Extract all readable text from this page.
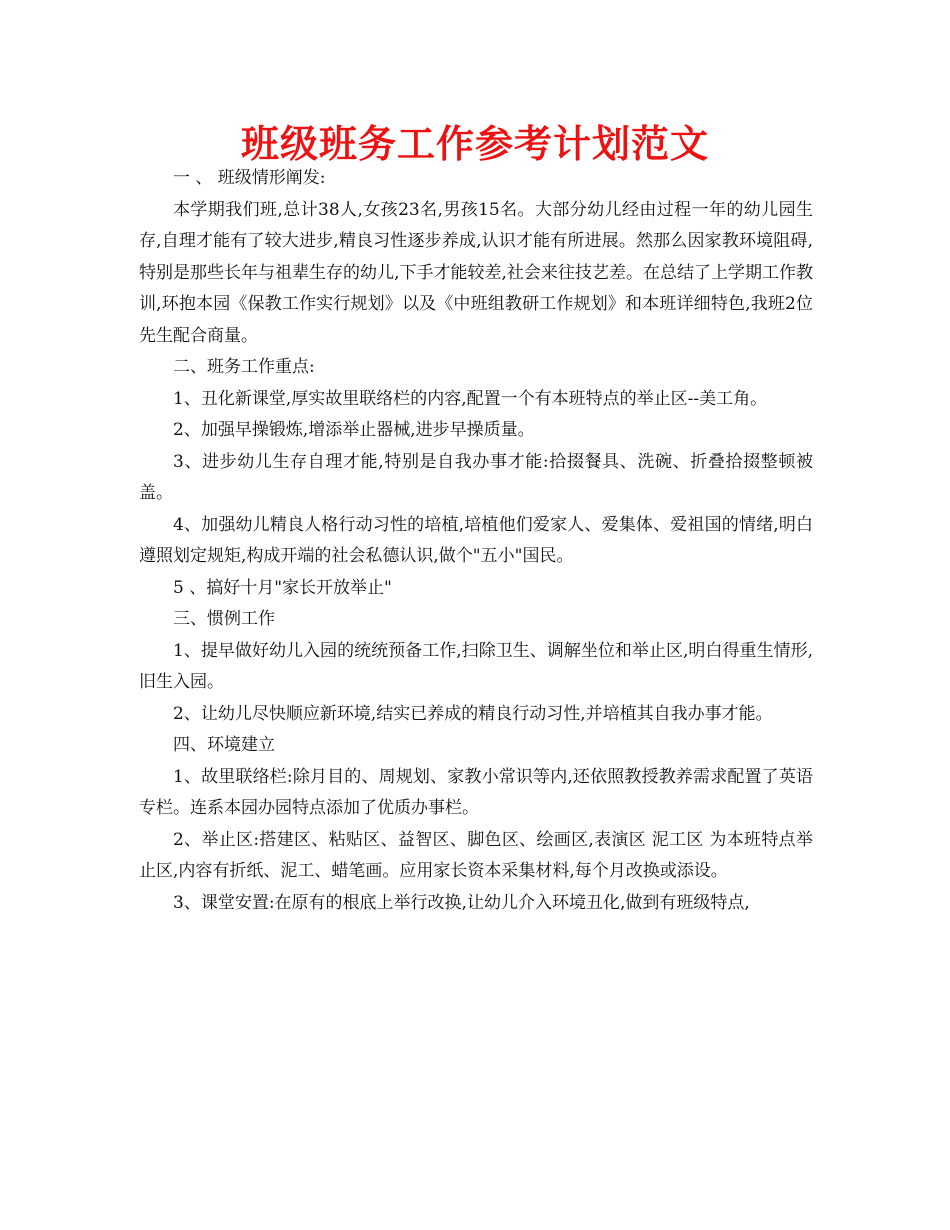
班级班务工作参考计划范文

一 、 班级情形阐发:

本学期我们班,总计38人,女孩23名,男孩15名。大部分幼儿经由过程一年的幼儿园生存,自理才能有了较大进步,精良习性逐步养成,认识才能有所进展。然那么因家教环境阻碍,特别是那些长年与祖辈生存的幼儿,下手才能较差,社会来往技艺差。在总结了上学期工作教训,环抱本园《保教工作实行规划》以及《中班组教研工作规划》和本班详细特色,我班2位先生配合商量。

二、班务工作重点:

1、丑化新课堂,厚实故里联络栏的内容,配置一个有本班特点的举止区--美工角。

2、加强早操锻炼,增添举止器械,进步早操质量。

3、进步幼儿生存自理才能,特别是自我办事才能:拾掇餐具、洗碗、折叠拾掇整顿被盖。

4、加强幼儿精良人格行动习性的培植,培植他们爱家人、爱集体、爱祖国的情绪,明白遵照划定规矩,构成开端的社会私德认识,做个"五小"国民。

5 、搞好十月"家长开放举止"

三、惯例工作

1、提早做好幼儿入园的统统预备工作,扫除卫生、调解坐位和举止区,明白得重生情形,旧生入园。

2、让幼儿尽快顺应新环境,结实已养成的精良行动习性,并培植其自我办事才能。

四、环境建立

1、故里联络栏:除月目的、周规划、家教小常识等内,还依照教授教养需求配置了英语专栏。连系本园办园特点添加了优质办事栏。

2、举止区:搭建区、粘贴区、益智区、脚色区、绘画区,表演区 泥工区 为本班特点举止区,内容有折纸、泥工、蜡笔画。应用家长资本采集材料,每个月改换或添设。

3、课堂安置:在原有的根底上举行改换,让幼儿介入环境丑化,做到有班级特点,
